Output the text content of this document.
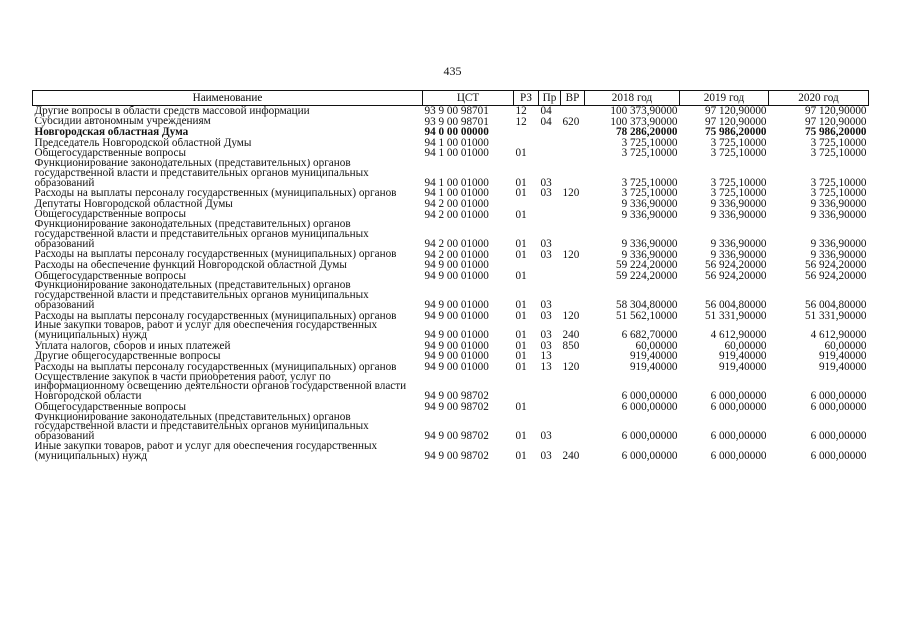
435
Наименование	ЦСТ	РЗ	Пр	ВР	2018 год	2019 год	2020 год
Другие вопросы в области средств массовой информации	93 9 00 98701	12	04		100 373,90000	97 120,90000	97 120,90000
Субсидии автономным учреждениям	93 9 00 98701	12	04	620	100 373,90000	97 120,90000	97 120,90000
Новгородская областная Дума	94 0 00 00000				78 286,20000	75 986,20000	75 986,20000
Председатель Новгородской областной Думы	94 1 00 01000				3 725,10000	3 725,10000	3 725,10000
Общегосударственные вопросы	94 1 00 01000	01			3 725,10000	3 725,10000	3 725,10000
Функционирование законодательных (представительных) органов государственной власти и представительных органов муниципальных образований	94 1 00 01000	01	03		3 725,10000	3 725,10000	3 725,10000
Расходы на выплаты персоналу государственных (муниципальных) органов	94 1 00 01000	01	03	120	3 725,10000	3 725,10000	3 725,10000
Депутаты Новгородской областной Думы	94 2 00 01000				9 336,90000	9 336,90000	9 336,90000
Общегосударственные вопросы	94 2 00 01000	01			9 336,90000	9 336,90000	9 336,90000
Функционирование законодательных (представительных) органов государственной власти и представительных органов муниципальных образований	94 2 00 01000	01	03		9 336,90000	9 336,90000	9 336,90000
Расходы на выплаты персоналу государственных (муниципальных) органов	94 2 00 01000	01	03	120	9 336,90000	9 336,90000	9 336,90000
Расходы на обеспечение функций Новгородской областной Думы	94 9 00 01000				59 224,20000	56 924,20000	56 924,20000
Общегосударственные вопросы	94 9 00 01000	01			59 224,20000	56 924,20000	56 924,20000
Функционирование законодательных (представительных) органов государственной власти и представительных органов муниципальных образований	94 9 00 01000	01	03		58 304,80000	56 004,80000	56 004,80000
Расходы на выплаты персоналу государственных (муниципальных) органов	94 9 00 01000	01	03	120	51 562,10000	51 331,90000	51 331,90000
Иные закупки товаров, работ и услуг для обеспечения государственных (муниципальных) нужд	94 9 00 01000	01	03	240	6 682,70000	4 612,90000	4 612,90000
Уплата налогов, сборов и иных платежей	94 9 00 01000	01	03	850	60,00000	60,00000	60,00000
Другие общегосударственные вопросы	94 9 00 01000	01	13		919,40000	919,40000	919,40000
Расходы на выплаты персоналу государственных (муниципальных) органов	94 9 00 01000	01	13	120	919,40000	919,40000	919,40000
Осуществление закупок в части приобретения работ, услуг по информационному освещению деятельности органов государственной власти Новгородской области	94 9 00 98702				6 000,00000	6 000,00000	6 000,00000
Общегосударственные вопросы	94 9 00 98702	01			6 000,00000	6 000,00000	6 000,00000
Функционирование законодательных (представительных) органов государственной власти и представительных органов муниципальных образований	94 9 00 98702	01	03		6 000,00000	6 000,00000	6 000,00000
Иные закупки товаров, работ и услуг для обеспечения государственных (муниципальных) нужд	94 9 00 98702	01	03	240	6 000,00000	6 000,00000	6 000,00000
